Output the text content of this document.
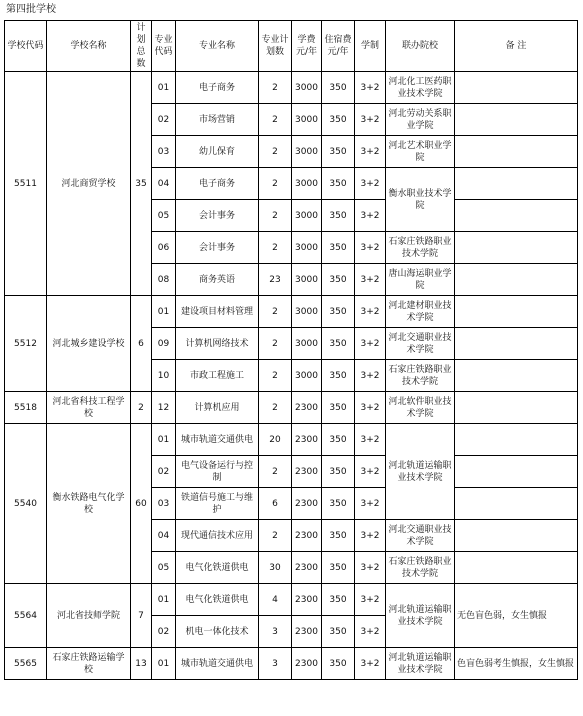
第四批学校
学校代码	学校名称	计划总数	专业代码	专业名称	专业计划数	学费元/年	住宿费元/年	学制	联办院校	备 注
5511	河北商贸学校	35	01	电子商务	2	3000	350	3+2	河北化工医药职业技术学院	
			02	市场营销	2	3000	350	3+2	河北劳动关系职业学院	
			03	幼儿保育	2	3000	350	3+2	河北艺术职业学院	
			04	电子商务	2	3000	350	3+2	衡水职业技术学院	
			05	会计事务	2	3000	350	3+2		
			06	会计事务	2	3000	350	3+2	石家庄铁路职业技术学院	
			08	商务英语	23	3000	350	3+2	唐山海运职业学院	
5512	河北城乡建设学校	6	01	建设项目材料管理	2	3000	350	3+2	河北建材职业技术学院	
			09	计算机网络技术	2	3000	350	3+2	河北交通职业技术学院	
			10	市政工程施工	2	3000	350	3+2	石家庄铁路职业技术学院	
5518	河北省科技工程学校	2	12	计算机应用	2	2300	350	3+2	河北软件职业技术学院	
5540	衡水铁路电气化学校	60	01	城市轨道交通供电	20	2300	350	3+2	河北轨道运输职业技术学院	
			02	电气设备运行与控制	2	2300	350	3+2		
			03	铁道信号施工与维护	6	2300	350	3+2		
			04	现代通信技术应用	2	2300	350	3+2	河北交通职业技术学院	
			05	电气化铁道供电	30	2300	350	3+2	石家庄铁路职业技术学院	
5564	河北省技师学院	7	01	电气化铁道供电	4	2300	350	3+2	河北轨道运输职业技术学院	无色盲色弱，女生慎报
			02	机电一体化技术	3	2300	350	3+2		
5565	石家庄铁路运输学校	13	01	城市轨道交通供电	3	2300	350	3+2	河北轨道运输职业技术学院	色盲色弱考生慎报，女生慎报
